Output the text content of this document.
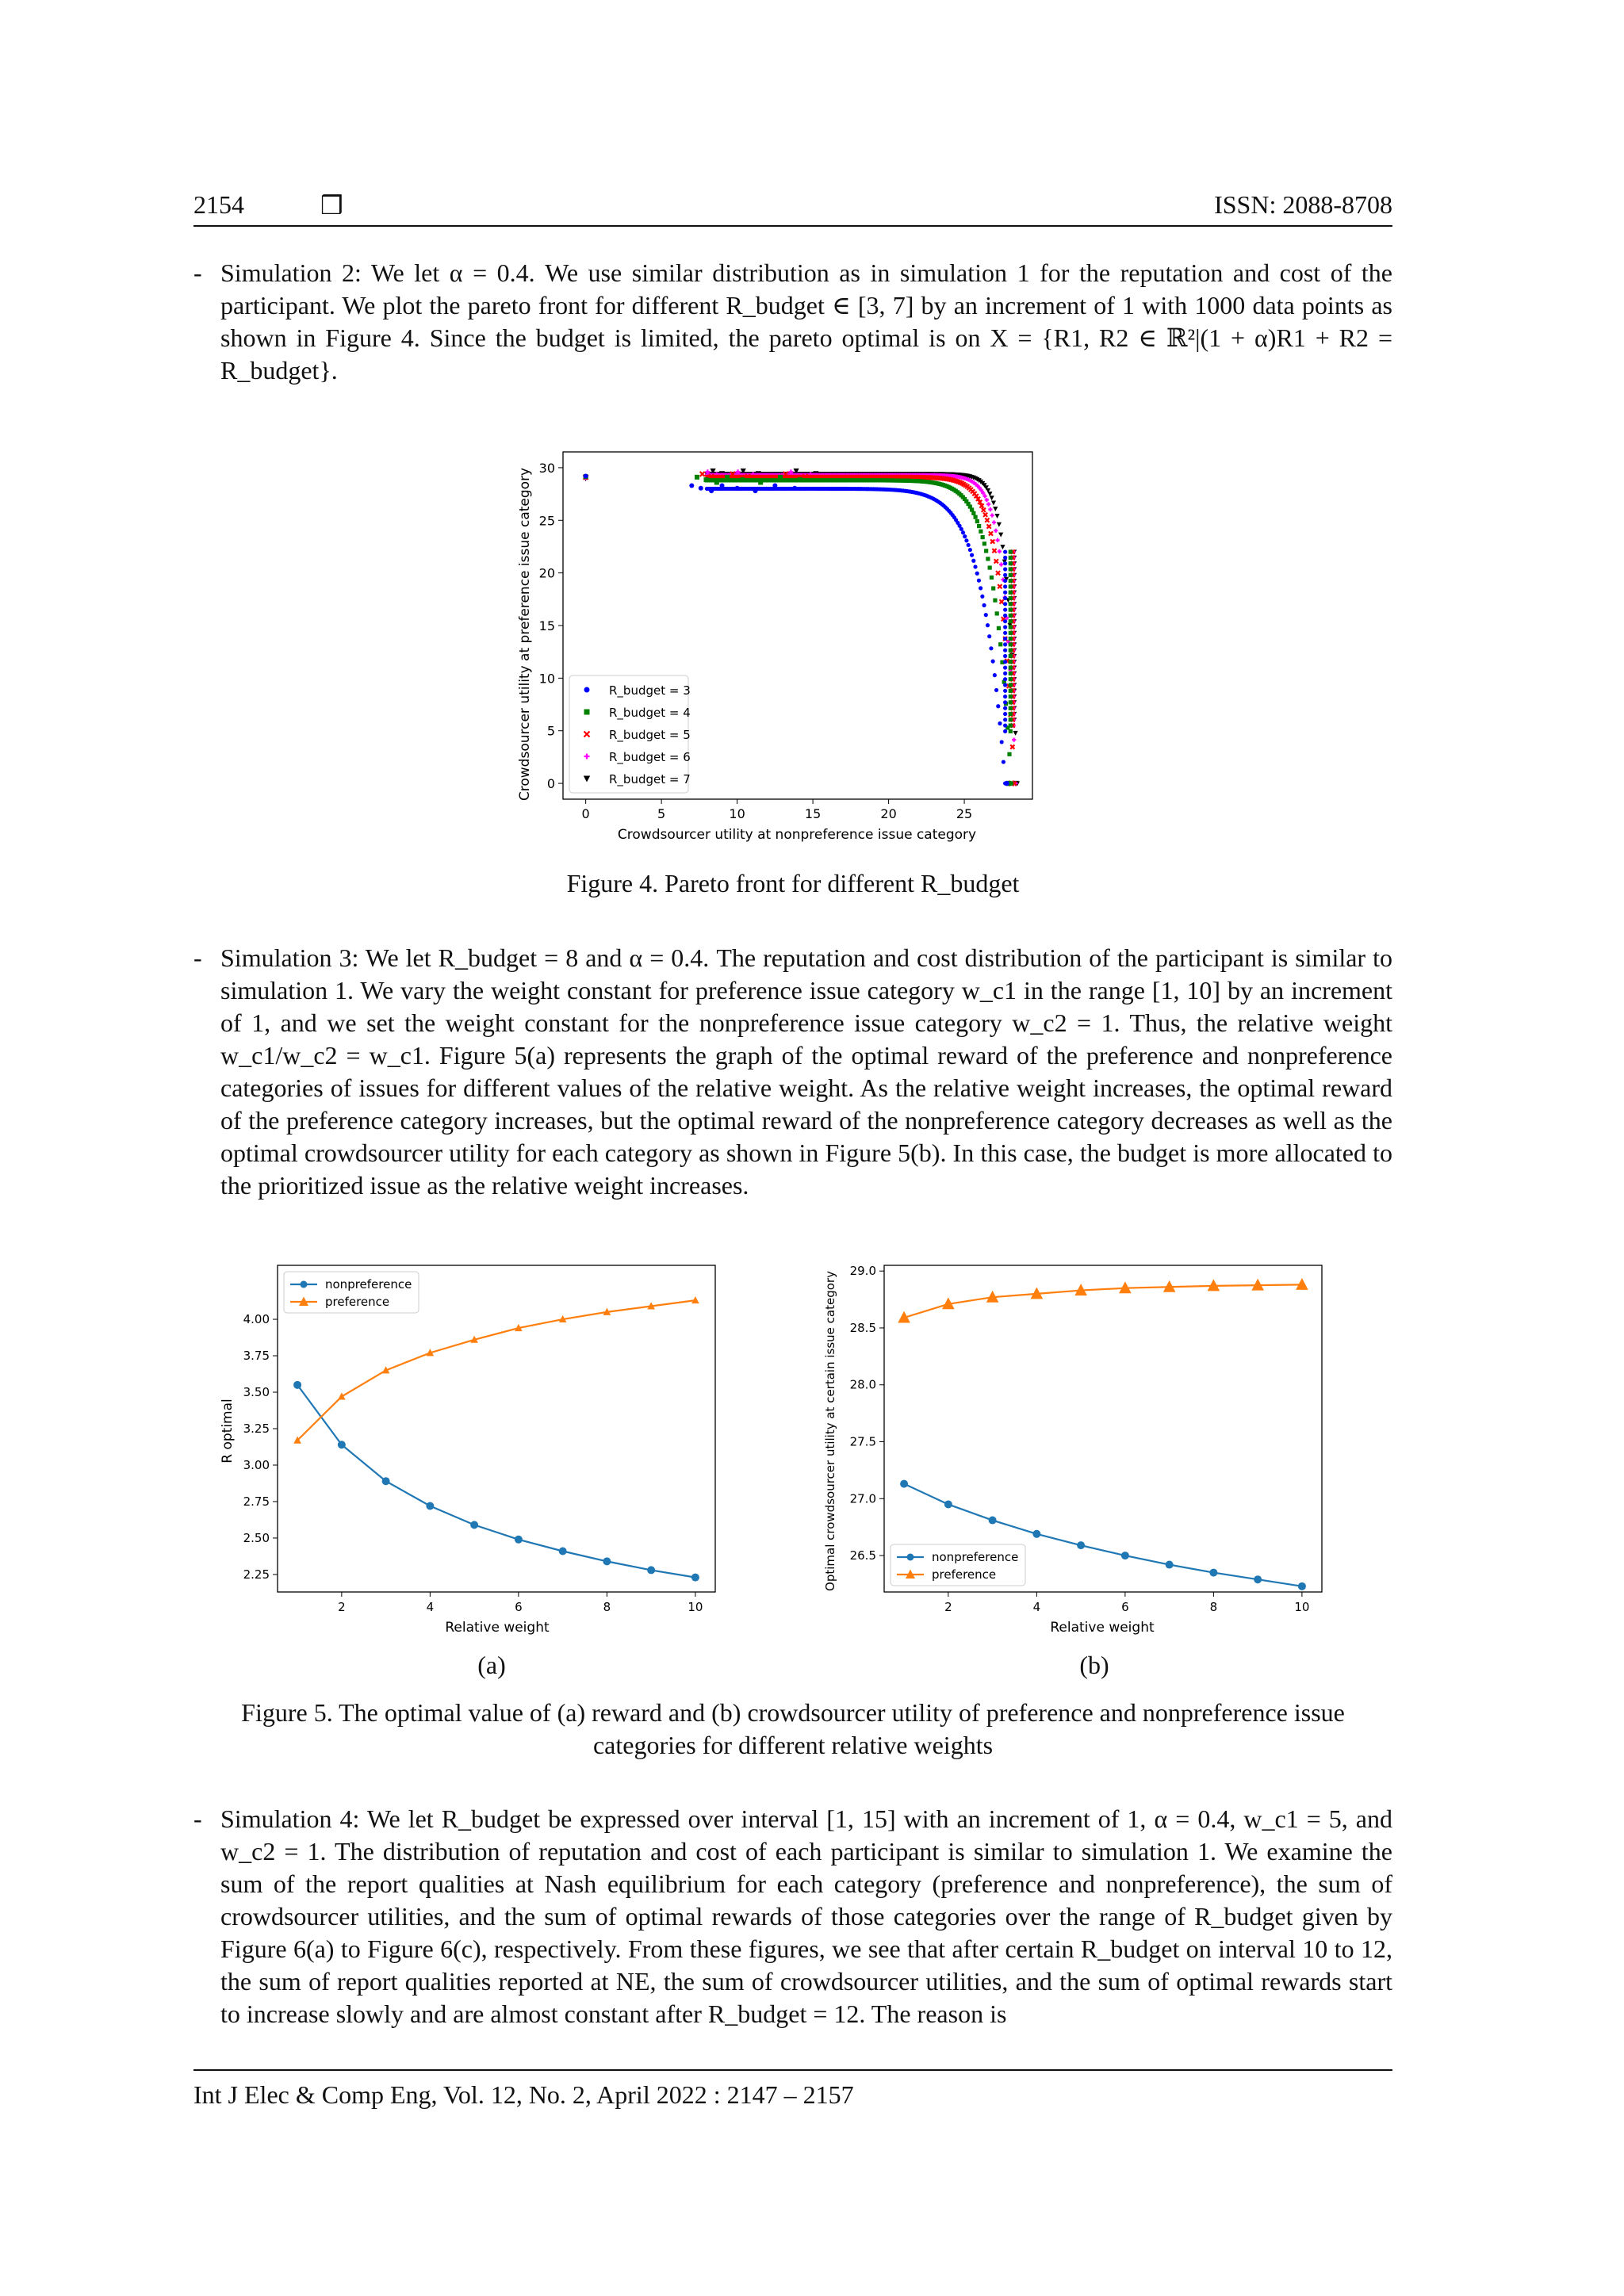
2154	❒	ISSN: 2088-8708
- Simulation 2: We let α = 0.4. We use similar distribution as in simulation 1 for the reputation and cost of the participant. We plot the pareto front for different R_budget ∈ [3, 7] by an increment of 1 with 1000 data points as shown in Figure 4. Since the budget is limited, the pareto optimal is on X = {R1, R2 ∈ ℝ²|(1 + α)R1 + R2 = R_budget}.
0	5	10	15	20	25
0
5
10
15
20
25
30
R_budget = 3
R_budget = 4
R_budget = 5
R_budget = 6
R_budget = 7
Crowdsourcer utility at nonpreference issue category
Crowdsourcer utility at preference issue category
Figure 4. Pareto front for different R_budget
- Simulation 3: We let R_budget = 8 and α = 0.4. The reputation and cost distribution of the participant is similar to simulation 1. We vary the weight constant for preference issue category w_c1 in the range [1, 10] by an increment of 1, and we set the weight constant for the nonpreference issue category w_c2 = 1. Thus, the relative weight w_c1/w_c2 = w_c1. Figure 5(a) represents the graph of the optimal reward of the preference and nonpreference categories of issues for different values of the relative weight. As the relative weight increases, the optimal reward of the preference category increases, but the optimal reward of the nonpreference category decreases as well as the optimal crowdsourcer utility for each category as shown in Figure 5(b). In this case, the budget is more allocated to the prioritized issue as the relative weight increases.
2	4	6	8	10
2.25
2.50
2.75
3.00
3.25
3.50
3.75
4.00
nonpreference
preference
Relative weight
R optimal
(a)
2	4	6	8	10
26.5
27.0
27.5
28.0
28.5
29.0
nonpreference
preference
Relative weight
Optimal crowdsourcer utility at certain issue category
(b)
Figure 5. The optimal value of (a) reward and (b) crowdsourcer utility of preference and nonpreference issue categories for different relative weights
- Simulation 4: We let R_budget be expressed over interval [1, 15] with an increment of 1, α = 0.4, w_c1 = 5, and w_c2 = 1. The distribution of reputation and cost of each participant is similar to simulation 1. We examine the sum of the report qualities at Nash equilibrium for each category (preference and nonpreference), the sum of crowdsourcer utilities, and the sum of optimal rewards of those categories over the range of R_budget given by Figure 6(a) to Figure 6(c), respectively. From these figures, we see that after certain R_budget on interval 10 to 12, the sum of report qualities reported at NE, the sum of crowdsourcer utilities, and the sum of optimal rewards start to increase slowly and are almost constant after R_budget = 12. The reason is
Int J Elec & Comp Eng, Vol. 12, No. 2, April 2022 : 2147 – 2157
